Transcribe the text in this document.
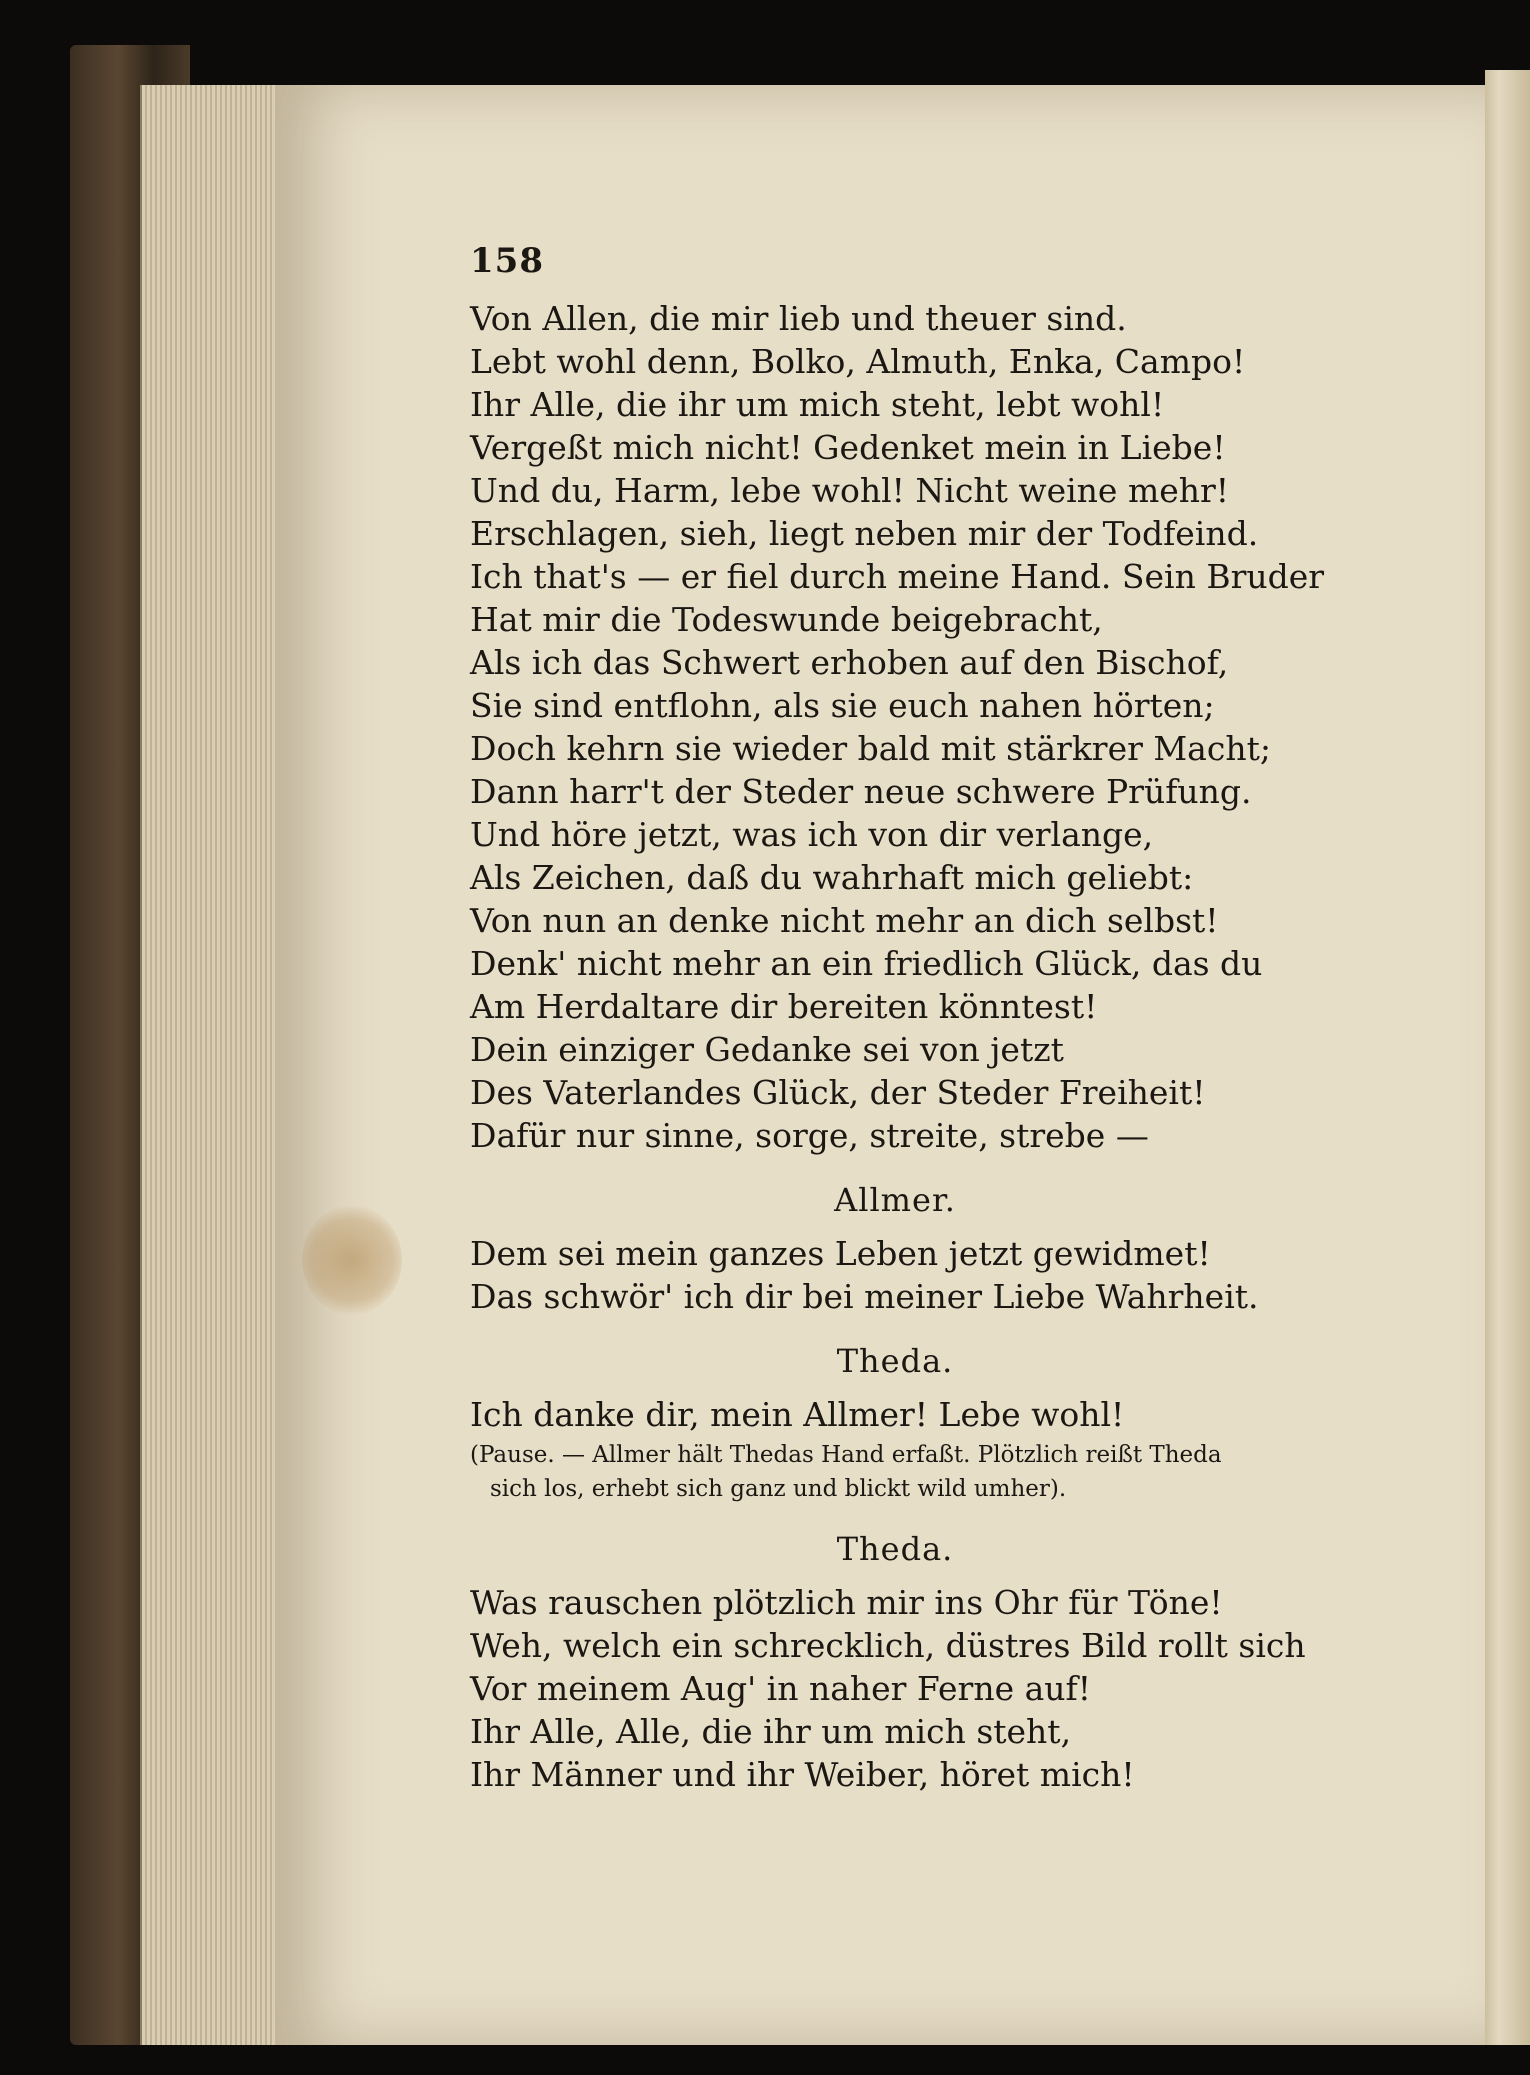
158
Von Allen, die mir lieb und theuer sind.
Lebt wohl denn, Bolko, Almuth, Enka, Campo!
Ihr Alle, die ihr um mich steht, lebt wohl!
Vergeßt mich nicht! Gedenket mein in Liebe!
Und du, Harm, lebe wohl! Nicht weine mehr!
Erschlagen, sieh, liegt neben mir der Todfeind.
Ich that's — er fiel durch meine Hand. Sein Bruder
Hat mir die Todeswunde beigebracht,
Als ich das Schwert erhoben auf den Bischof,
Sie sind entflohn, als sie euch nahen hörten;
Doch kehrn sie wieder bald mit stärkrer Macht;
Dann harr't der Steder neue schwere Prüfung.
Und höre jetzt, was ich von dir verlange,
Als Zeichen, daß du wahrhaft mich geliebt:
Von nun an denke nicht mehr an dich selbst!
Denk' nicht mehr an ein friedlich Glück, das du
Am Herdaltare dir bereiten könntest!
Dein einziger Gedanke sei von jetzt
Des Vaterlandes Glück, der Steder Freiheit!
Dafür nur sinne, sorge, streite, strebe —
Allmer.
Dem sei mein ganzes Leben jetzt gewidmet!
Das schwör' ich dir bei meiner Liebe Wahrheit.
Theda.
Ich danke dir, mein Allmer! Lebe wohl!
(Pause. — Allmer hält Thedas Hand erfaßt. Plötzlich reißt Theda
sich los, erhebt sich ganz und blickt wild umher).
Theda.
Was rauschen plötzlich mir ins Ohr für Töne!
Weh, welch ein schrecklich, düstres Bild rollt sich
Vor meinem Aug' in naher Ferne auf!
Ihr Alle, Alle, die ihr um mich steht,
Ihr Männer und ihr Weiber, höret mich!
